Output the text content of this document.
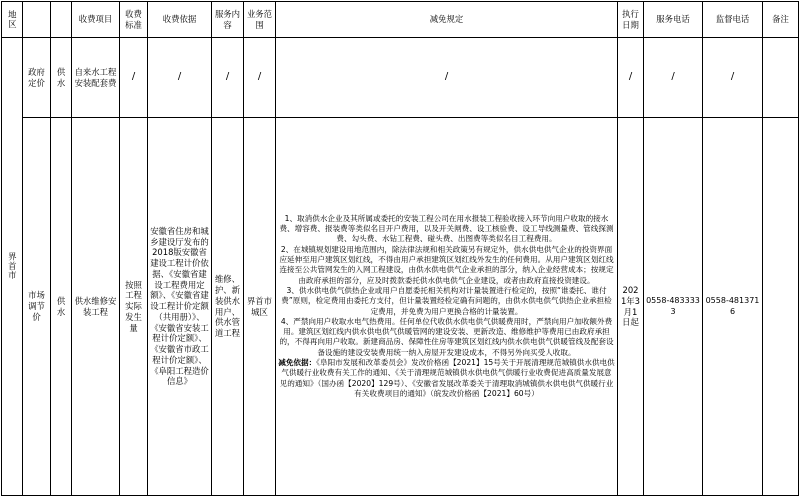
地区			收费项目	收费标准	收费依据	服务内容	业务范围	减免规定	执行日期	服务电话	监督电话	备注

界首市	政府定价	供水	自来水工程安装配套费	/	/	/	/	/	/	/	/	
	市场调节价	供水	供水维修安装工程	按照工程实际发生量	安徽省住房和城乡建设厅发布的2018版安徽省建设工程计价依据、《安徽省建设工程费用定额》、《安徽省建设工程计价定额（共用册）》、《安徽省安装工程计价定额》、《安徽省市政工程计价定额》、《阜阳工程造价信息》	维修、护、新装供水用户、供水管道工程	界首市城区	1、取消供水企业及其所属或委托的安装工程公司在用水报装工程验收接入环节向用户收取的接水费、增容费、报装费等类似名目开户费用，以及开关闸费、设工核验费、设工导线测量费、管线探测费、勾头费、水钻工程费、碰头费、出图费等类似名目工程费用。

2、在城镇规划建设用地范围内，除法律法规和相关政策另有规定外，供水供电供气企业的投资界面应延伸至用户建筑区划红线，不得由用户承担建筑区划红线外发生的任何费用。从用户建筑区划红线连接至公共管网发生的入网工程建设，由供水供电供气企业承担的部分，纳入企业经营成本；按规定由政府承担的部分，应及时拨款委托供水供电供气企业建设，或者由政府直接投资建设。

3、供水供电供气供热企业或用户自愿委托相关机构对计量装置进行检定的，按照“谁委托、谁付费”原则，检定费用由委托方支付，但计量装置经检定确有问题的，由供水供电供气供热企业承担检定费用，并免费为用户更换合格的计量装置。

4、严禁向用户收取水电气热费用。任何单位代收供水供电供气供暖费用时，严禁向用户加收额外费用。建筑区划红线内供水供电供气供暖管网的建设安装、更新改造、维修维护等费用已由政府承担的，不得再向用户收取。新建商品房、保障性住房等建筑区划红线内供水供电供气供暖管线及配套设备设施的建设安装费用统一纳入房屋开发建设成本，不得另外向买受人收取。

减免依据：《阜阳市发展和改革委员会》发改价格函【2021】15号关于开展清理规范城镇供水供电供气供暖行业收费有关工作的通知、《关于清理规范城镇供水供电供气供暖行业收费促进高质量发展意见的通知》（国办函【2020】129号）、《安徽省发展改革委关于清理取消城镇供水供电供气供暖行业有关收费项目的通知》（皖发改价格函【2021】60号）	2021年3月1日起	0558-4833333	0558-4813716	
